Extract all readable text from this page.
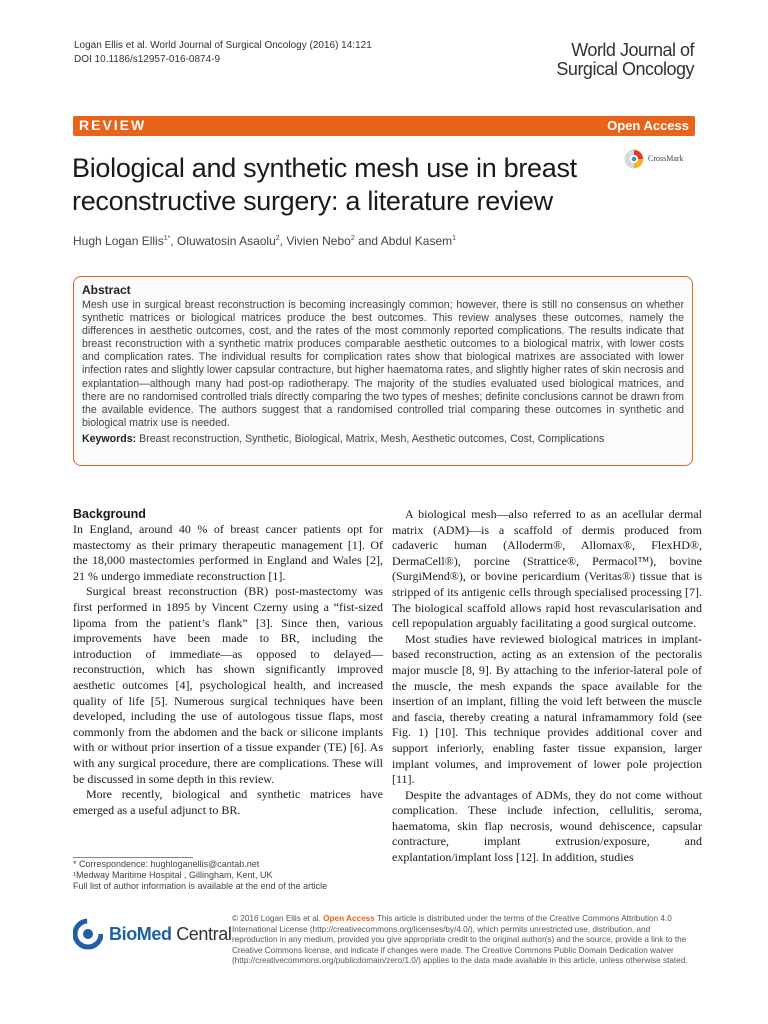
Logan Ellis et al. World Journal of Surgical Oncology (2016) 14:121
DOI 10.1186/s12957-016-0874-9	World Journal of
Surgical Oncology
REVIEW	Open Access
Biological and synthetic mesh use in breast reconstructive surgery: a literature review
CrossMark
Hugh Logan Ellis$^{1*}$, Oluwatosin Asaolu$^2$, Vivien Nebo$^2$ and Abdul Kasem$^1$
Abstract
Mesh use in surgical breast reconstruction is becoming increasingly common; however, there is still no consensus on whether synthetic matrices or biological matrices produce the best outcomes. This review analyses these outcomes, namely the differences in aesthetic outcomes, cost, and the rates of the most commonly reported complications. The results indicate that breast reconstruction with a synthetic matrix produces comparable aesthetic outcomes to a biological matrix, with lower costs and complication rates. The individual results for complication rates show that biological matrixes are associated with lower infection rates and slightly lower capsular contracture, but higher haematoma rates, and slightly higher rates of skin necrosis and explantation—although many had post-op radiotherapy. The majority of the studies evaluated used biological matrices, and there are no randomised controlled trials directly comparing the two types of meshes; definite conclusions cannot be drawn from the available evidence. The authors suggest that a randomised controlled trial comparing these outcomes in synthetic and biological matrix use is needed.
Keywords: Breast reconstruction, Synthetic, Biological, Matrix, Mesh, Aesthetic outcomes, Cost, Complications
Background

In England, around 40 % of breast cancer patients opt for mastectomy as their primary therapeutic management [1]. Of the 18,000 mastectomies performed in England and Wales [2], 21 % undergo immediate reconstruction [1].

Surgical breast reconstruction (BR) post-mastectomy was first performed in 1895 by Vincent Czerny using a “fist-sized lipoma from the patient’s flank” [3]. Since then, various improvements have been made to BR, including the introduction of immediate—as opposed to delayed—reconstruction, which has shown significantly improved aesthetic outcomes [4], psychological health, and increased quality of life [5]. Numerous surgical techniques have been developed, including the use of autologous tissue flaps, most commonly from the abdomen and the back or silicone implants with or without prior insertion of a tissue expander (TE) [6]. As with any surgical procedure, there are complications. These will be discussed in some depth in this review.

More recently, biological and synthetic matrices have emerged as a useful adjunct to BR.

A biological mesh—also referred to as an acellular dermal matrix (ADM)—is a scaffold of dermis produced from cadaveric human (Alloderm®, Allomax®, FlexHD®, DermaCell®), porcine (Strattice®, Permacol™), bovine (SurgiMend®), or bovine pericardium (Veritas®) tissue that is stripped of its antigenic cells through specialised processing [7]. The biological scaffold allows rapid host revascularisation and cell repopulation arguably facilitating a good surgical outcome.

Most studies have reviewed biological matrices in implant-based reconstruction, acting as an extension of the pectoralis major muscle [8, 9]. By attaching to the inferior-lateral pole of the muscle, the mesh expands the space available for the insertion of an implant, filling the void left between the muscle and fascia, thereby creating a natural inframammory fold (see Fig. 1) [10]. This technique provides additional cover and support inferiorly, enabling faster tissue expansion, larger implant volumes, and improvement of lower pole projection [11].

Despite the advantages of ADMs, they do not come without complication. These include infection, cellulitis, seroma, haematoma, skin flap necrosis, wound dehiscence, capsular contracture, implant extrusion/exposure, and explantation/implant loss [12]. In addition, studies

* Correspondence: hughloganellis@cantab.net
¹Medway Maritime Hospital , Gillingham, Kent, UK
Full list of author information is available at the end of the article
BioMed Central
© 2016 Logan Ellis et al. Open Access This article is distributed under the terms of the Creative Commons Attribution 4.0 International License (http://creativecommons.org/licenses/by/4.0/), which permits unrestricted use, distribution, and reproduction in any medium, provided you give appropriate credit to the original author(s) and the source, provide a link to the Creative Commons license, and indicate if changes were made. The Creative Commons Public Domain Dedication waiver (http://creativecommons.org/publicdomain/zero/1.0/) applies to the data made available in this article, unless otherwise stated.
